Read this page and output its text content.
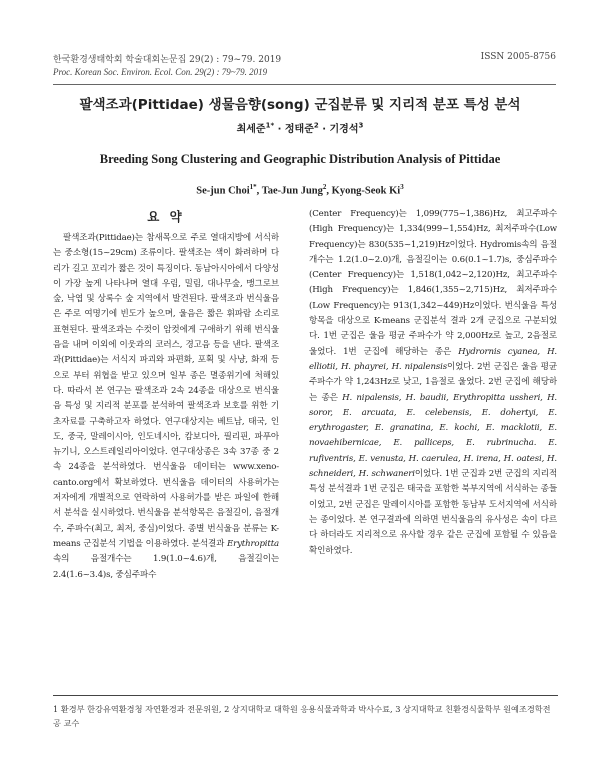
한국환경생태학회 학술대회논문집 29(2) : 79~79. 2019	ISSN 2005-8756
Proc. Korean Soc. Environ. Ecol. Con. 29(2) : 79~79. 2019
팔색조과(Pittidae) 생물음향(song) 군집분류 및 지리적 분포 특성 분석
최세준$^{1*}$ · 정태준$^2$ · 기경석$^3$
Breeding Song Clustering and Geographic Distribution Analysis of Pittidae
Se-jun Choi$^{1*}$, Tae-Jun Jung$^2$, Kyong-Seok Ki$^3$
요 약
팔색조과(Pittidae)는 참새목으로 주로 열대지방에 서식하는 중소형(15~29cm) 조류이다. 팔색조는 색이 화려하며 다리가 길고 꼬리가 짧은 것이 특징이다. 동남아시아에서 다양성이 가장 높게 나타나며 열대 우림, 밀림, 대나무숲, 맹그로브숲, 낙엽 및 상록수 숲 지역에서 발견된다. 팔색조과 번식울음은 주로 여명기에 빈도가 높으며, 울음은 짧은 휘파람 소리로 표현된다. 팔색조과는 수컷이 암컷에게 구애하기 위해 번식울음을 내며 이외에 이웃과의 코러스, 경고음 등을 낸다. 팔색조과(Pittidae)는 서식지 파괴와 파편화, 포획 및 사냥, 화재 등으로 부터 위협을 받고 있으며 일부 종은 멸종위기에 처해있다. 따라서 본 연구는 팔색조과 2속 24종을 대상으로 번식울음 특성 및 지리적 분포를 분석하여 팔색조과 보호를 위한 기초자료를 구축하고자 하였다. 연구대상지는 베트남, 태국, 인도, 중국, 말레이시아, 인도네시아, 캄보디아, 필리핀, 파푸아뉴기니, 오스트레일리아이었다. 연구대상종은 3속 37종 중 2속 24종을 분석하였다. 번식울음 데이터는 www.xeno-canto.org에서 확보하였다. 번식울음 데이터의 사용허가는 저자에게 개별적으로 연락하여 사용허가를 받은 파일에 한해서 분석을 실시하였다. 번식울음 분석항목은 음절길이, 음절개수, 주파수(최고, 최저, 중심)이었다. 종별 번식울음 분류는 K-means 군집분석 기법을 이용하였다. 분석결과 Erythropitta속의 음절개수는 1.9(1.0~4.6)개, 음절길이는 2.4(1.6~3.4)s, 중심주파수
(Center Frequency)는 1,099(775~1,386)Hz, 최고주파수(High Frequency)는 1,334(999~1,554)Hz, 최저주파수(Low Frequency)는 830(535~1,219)Hz이었다. Hydromis속의 음절개수는 1.2(1.0~2.0)개, 음절길이는 0.6(0.1~1.7)s, 중심주파수(Center Frequency)는 1,518(1,042~2,120)Hz, 최고주파수(High Frequency)는 1,846(1,355~2,715)Hz, 최저주파수(Low Frequency)는 913(1,342~449)Hz이었다. 번식울음 특성항목을 대상으로 K-means 군집분석 결과 2개 군집으로 구분되었다. 1번 군집은 울음 평균 주파수가 약 2,000Hz로 높고, 2음절로 울었다. 1번 군집에 해당하는 종은 Hydrornis cyanea, H. elliotii, H. phayrei, H. nipalensis이었다. 2번 군집은 울음 평균 주파수가 약 1,243Hz로 낮고, 1음절로 울었다. 2번 군집에 해당하는 종은 H. nipalensis, H. baudii, Erythropitta ussheri, H. soror, E. arcuata, E. celebensis, E. dohertyi, E. erythrogaster, E. granatina, E. kochi, E. macklotii, E. novaehibernicae, E. palliceps, E. rubrinucha. E. rufiventris, E. venusta, H. caerulea, H. irena, H. oatesi, H. schneideri, H. schwaneri이었다. 1번 군집과 2번 군집의 지리적 특성 분석결과 1번 군집은 태국을 포함한 북부지역에 서식하는 종들이었고, 2번 군집은 말레이시아를 포함한 동남부 도서지역에 서식하는 종이었다. 본 연구결과에 의하면 번식울음의 유사성은 속이 다르다 하더라도 지리적으로 유사할 경우 같은 군집에 포함될 수 있음을 확인하였다.
1 환경부 한강유역환경청 자연환경과 전문위원, 2 상지대학교 대학원 응용식물과학과 박사수료, 3 상지대학교 친환경식물학부 원예조경학전공 교수
